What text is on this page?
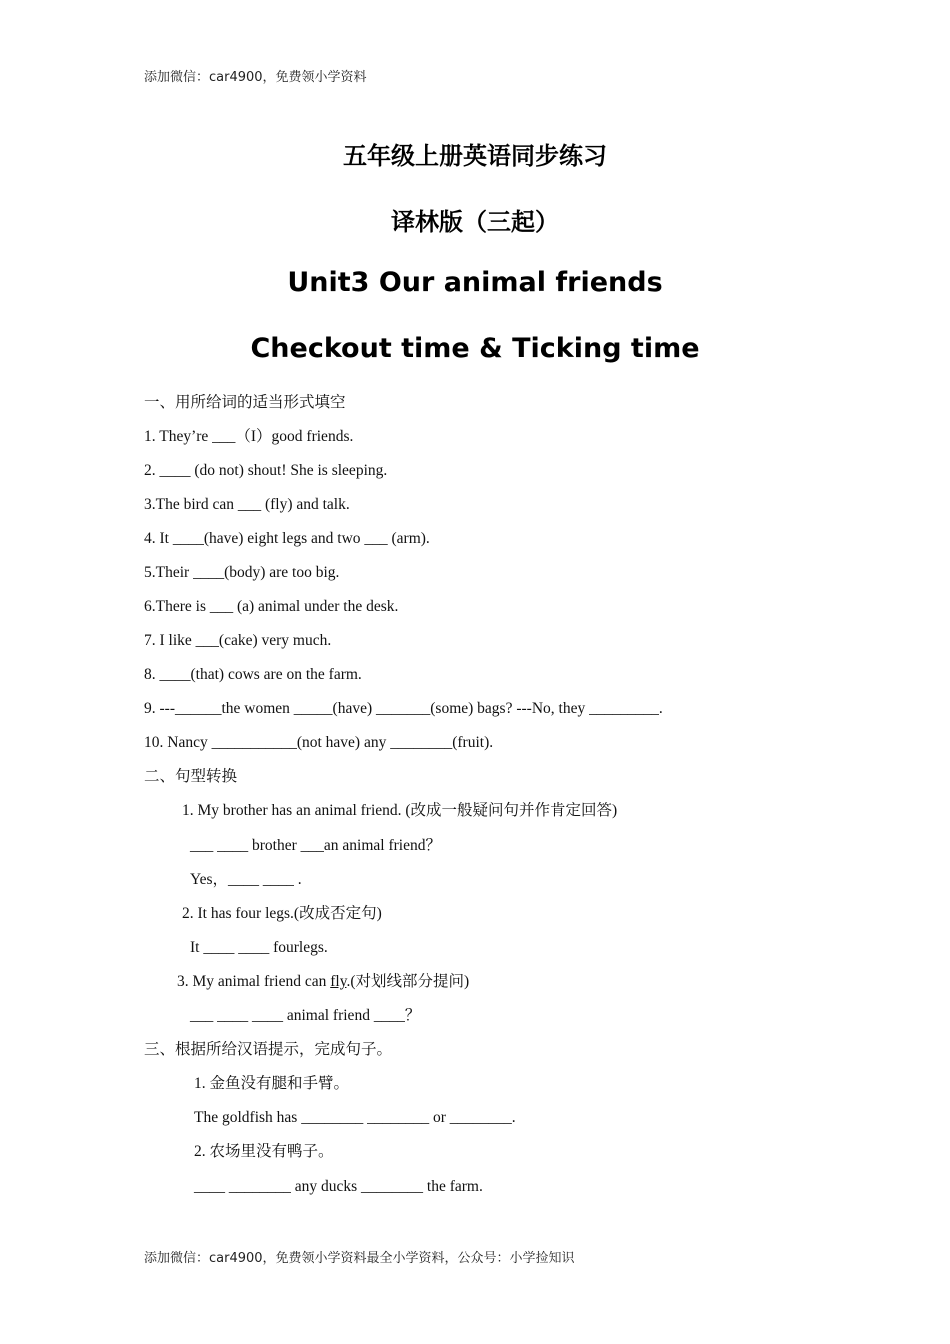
添加微信：car4900，免费领小学资料
五年级上册英语同步练习
译林版（三起）
Unit3 Our animal friends
Checkout time & Ticking time
一、用所给词的适当形式填空
1. They’re ___（I）good friends.
2. ____ (do not) shout! She is sleeping.
3.The bird can ___ (fly) and talk.
4. It ____(have) eight legs and two ___ (arm).
5.Their ____(body) are too big.
6.There is ___ (a) animal under the desk.
7. I like ___(cake) very much.
8. ____(that) cows are on the farm.
9. ---______the women _____(have) _______(some) bags? ---No, they _________.
10. Nancy ___________(not have) any ________(fruit).
二、句型转换
1. My brother has an animal friend. (改成一般疑问句并作肯定回答)
___ ____ brother ___an animal friend？
Yes，____ ____ .
2. It has four legs.(改成否定句)
It ____ ____ fourlegs.
3. My animal friend can fly.(对划线部分提问)
___ ____ ____ animal friend ____？
三、根据所给汉语提示，完成句子。
1. 金鱼没有腿和手臂。
The goldfish has ________ ________ or ________.
2. 农场里没有鸭子。
____ ________ any ducks ________ the farm.
添加微信：car4900，免费领小学资料最全小学资料，公众号：小学捡知识
